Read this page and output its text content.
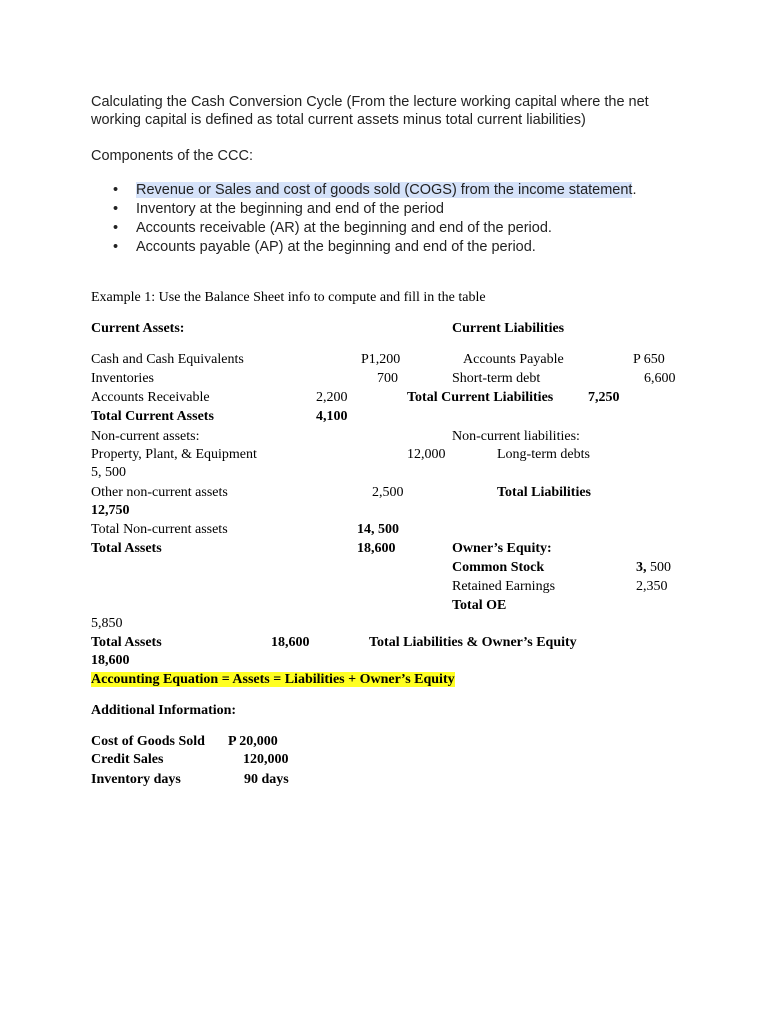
Calculating the Cash Conversion Cycle (From the lecture working capital where the net
working capital is defined as total current assets minus total current liabilities)
Components of the CCC:
• Revenue or Sales and cost of goods sold (COGS) from the income statement.
• Inventory at the beginning and end of the period
• Accounts receivable (AR) at the beginning and end of the period.
• Accounts payable (AP) at the beginning and end of the period.
Example 1: Use the Balance Sheet info to compute and fill in the table
Current Assets:	Current Liabilities
Cash and Cash Equivalents	P1,200	Accounts Payable	P 650
Inventories	700	Short-term debt	6,600
Accounts Receivable	2,200	Total Current Liabilities 7,250
Total Current Assets	4,100
Non-current assets:	Non-current liabilities:
Property, Plant, & Equipment	12,000	Long-term debts
5, 500
Other non-current assets	2,500	Total Liabilities
12,750
Total Non-current assets	14, 500
Total Assets	18,600	Owner’s Equity:
Common Stock	3, 500
Retained Earnings	2,350
Total OE
5,850
Total Assets	18,600	Total Liabilities & Owner’s Equity
18,600
Accounting Equation = Assets = Liabilities + Owner’s Equity
Additional Information:
Cost of Goods Sold P 20,000
Credit Sales	120,000
Inventory days	90 days
